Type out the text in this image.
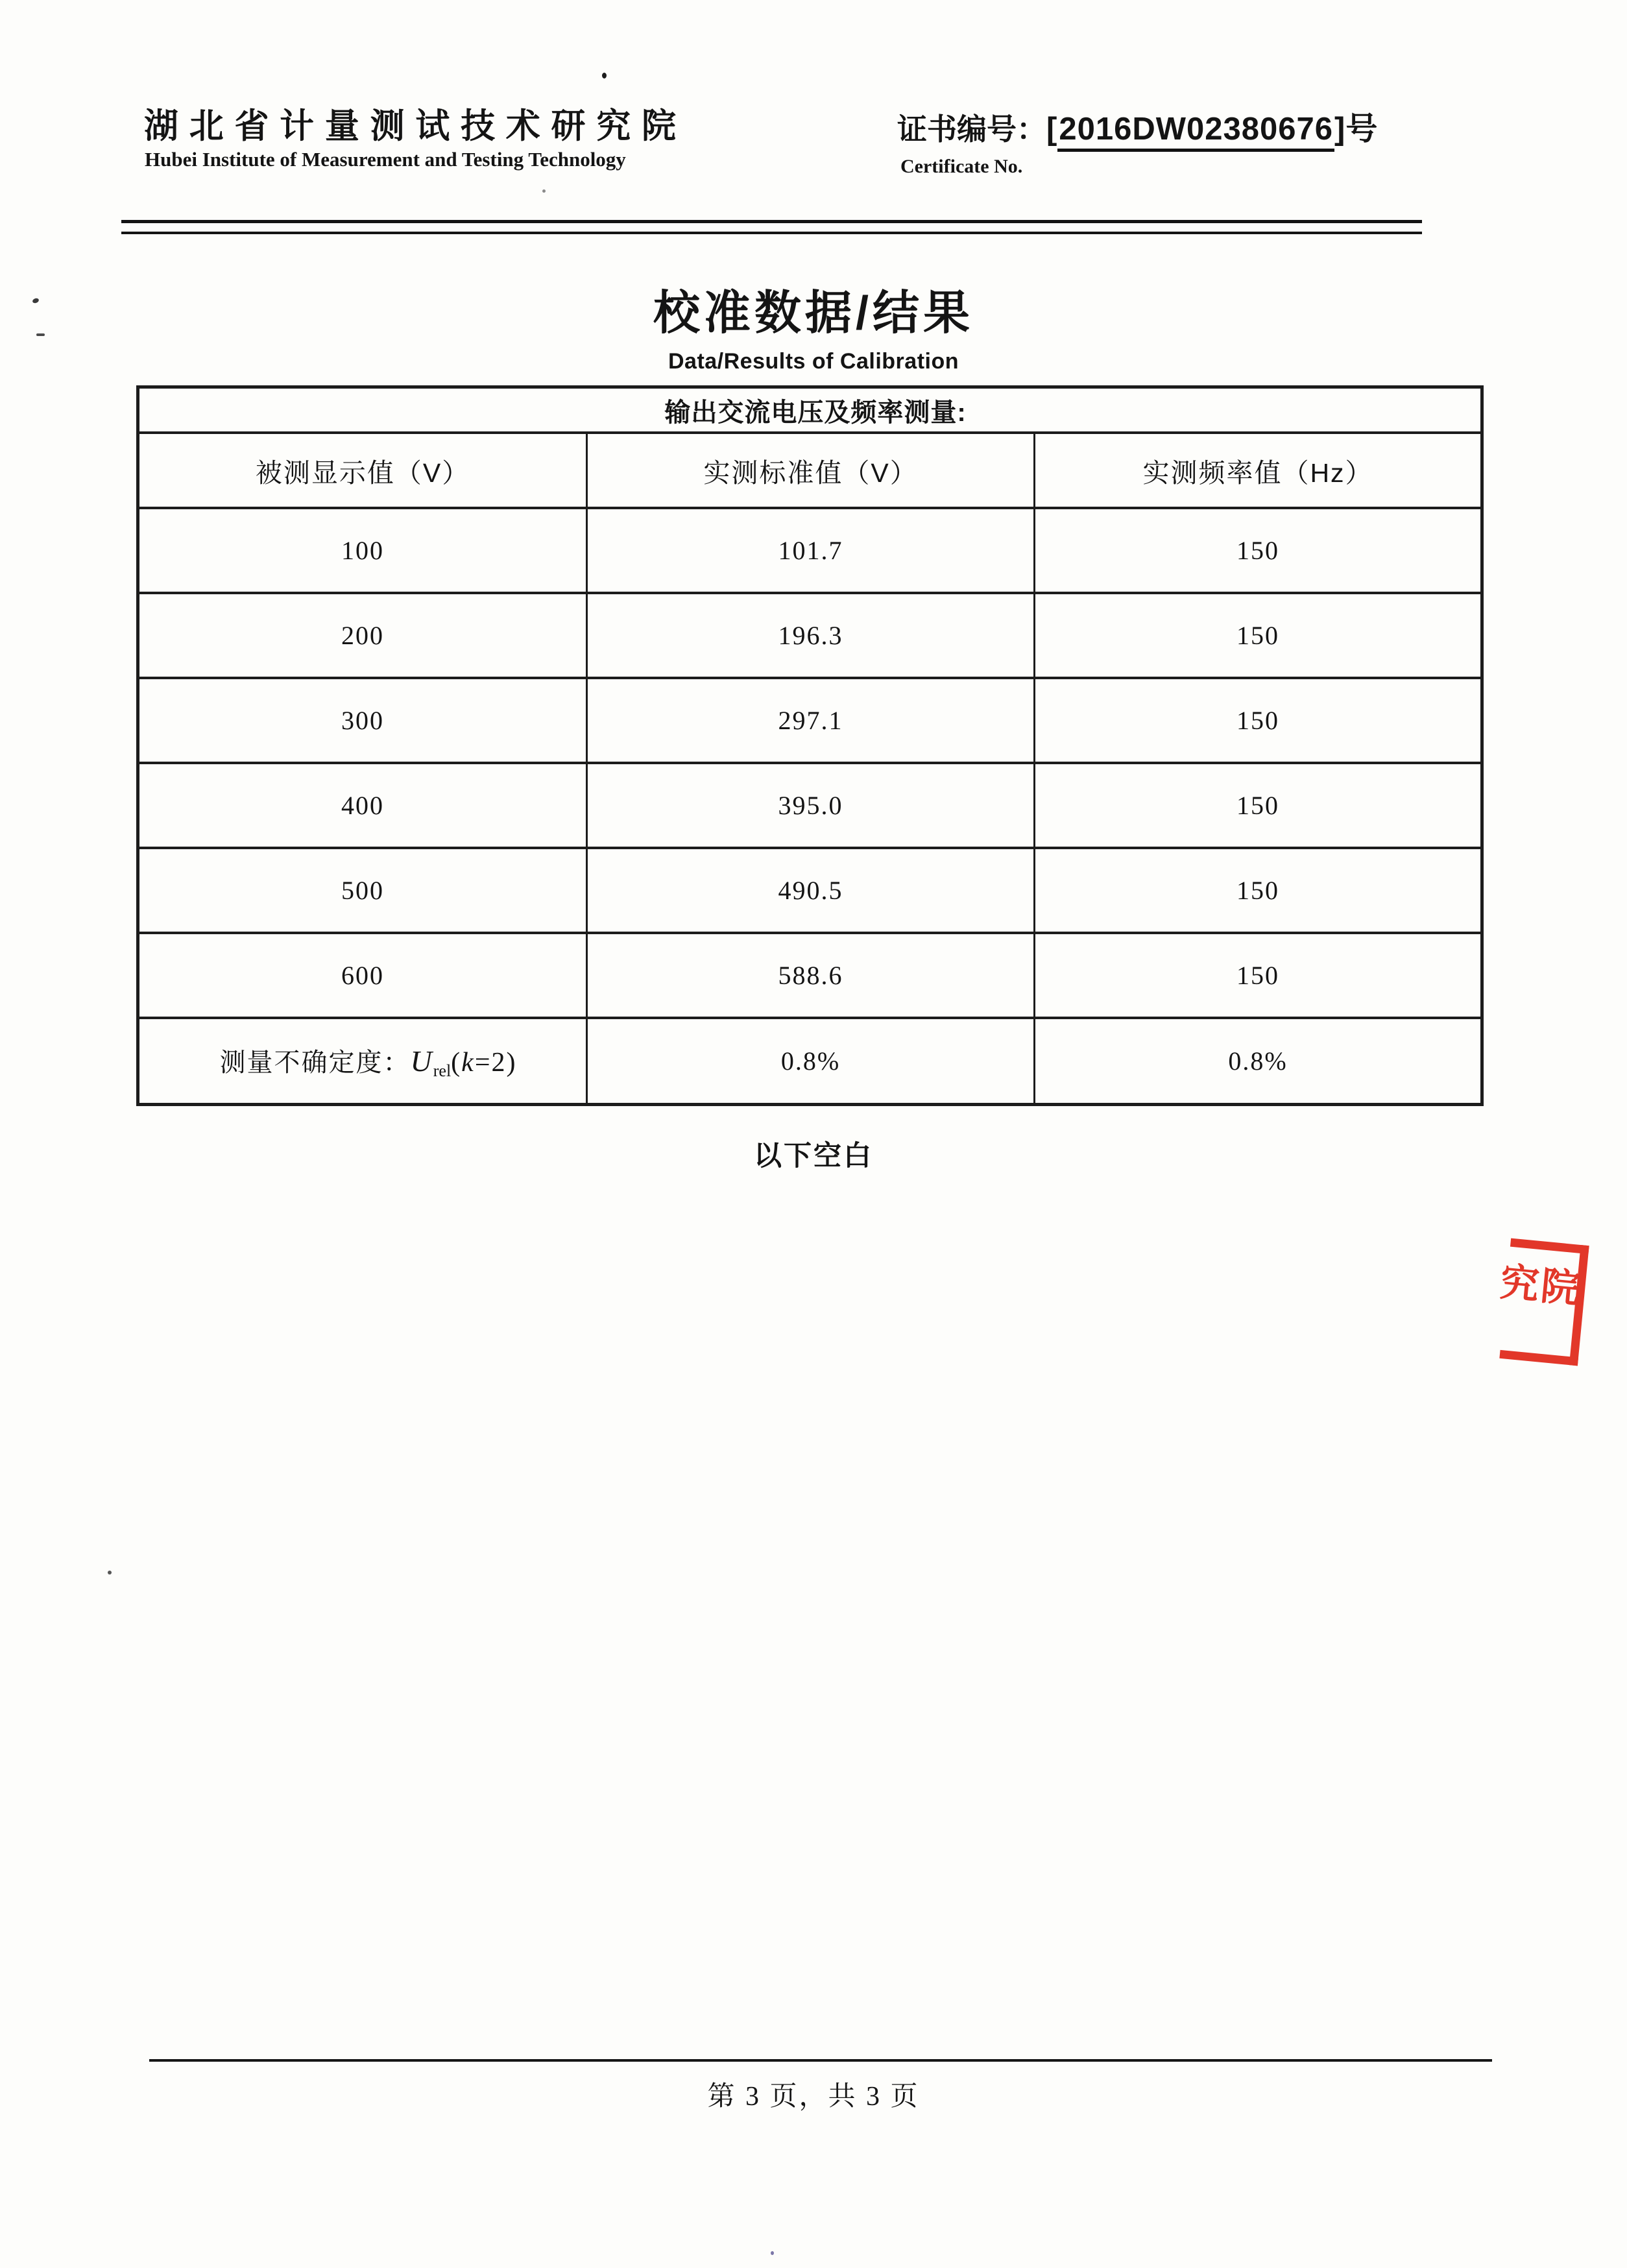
湖 北 省 计 量 测 试 技 术 研 究 院
Hubei Institute of Measurement and Testing Technology
证书编号：[2016DW02380676]号
Certificate No.
校准数据/结果
Data/Results of Calibration
输出交流电压及频率测量:		
被测显示值（V）	实测标准值（V）	实测频率值（Hz）
100	101.7	150
200	196.3	150
300	297.1	150
400	395.0	150
500	490.5	150
600	588.6	150
测量不确定度：$U_{rel}(k=2)$	0.8%	0.8%
以下空白
究院
第 3 页，共 3 页
